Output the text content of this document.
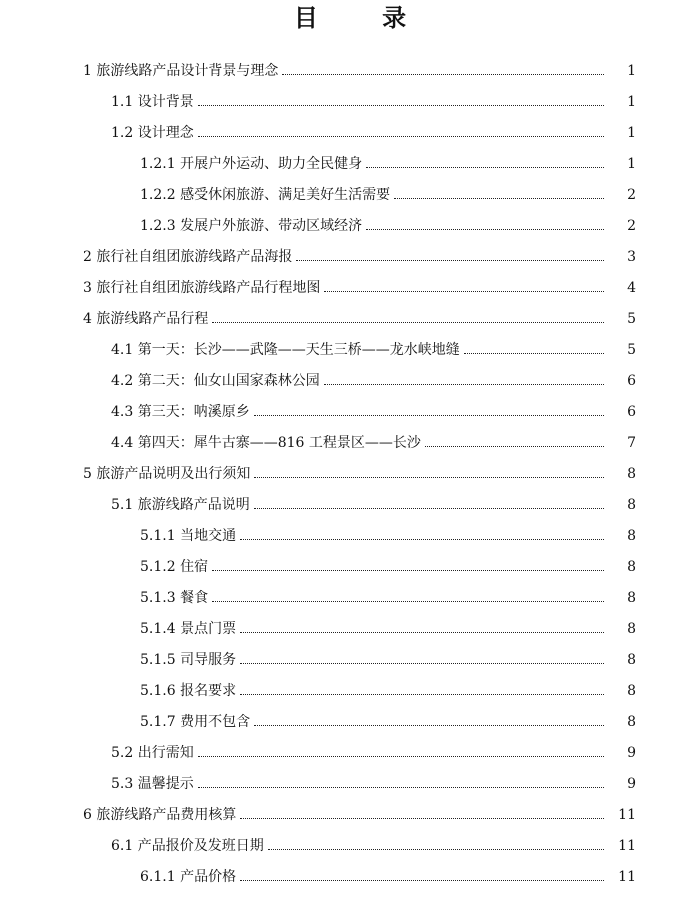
目 录
1 旅游线路产品设计背景与理念	1
1.1 设计背景	1
1.2 设计理念	1
1.2.1 开展户外运动、助力全民健身	1
1.2.2 感受休闲旅游、满足美好生活需要	2
1.2.3 发展户外旅游、带动区域经济	2
2 旅行社自组团旅游线路产品海报	3
3 旅行社自组团旅游线路产品行程地图	4
4 旅游线路产品行程	5
4.1 第一天：长沙——武隆——天生三桥——龙水峡地缝	5
4.2 第二天：仙女山国家森林公园	6
4.3 第三天：呐溪原乡	6
4.4 第四天：犀牛古寨——816 工程景区——长沙	7
5 旅游产品说明及出行须知	8
5.1 旅游线路产品说明	8
5.1.1 当地交通	8
5.1.2 住宿	8
5.1.3 餐食	8
5.1.4 景点门票	8
5.1.5 司导服务	8
5.1.6 报名要求	8
5.1.7 费用不包含	8
5.2 出行需知	9
5.3 温馨提示	9
6 旅游线路产品费用核算	11
6.1 产品报价及发班日期	11
6.1.1 产品价格	11
